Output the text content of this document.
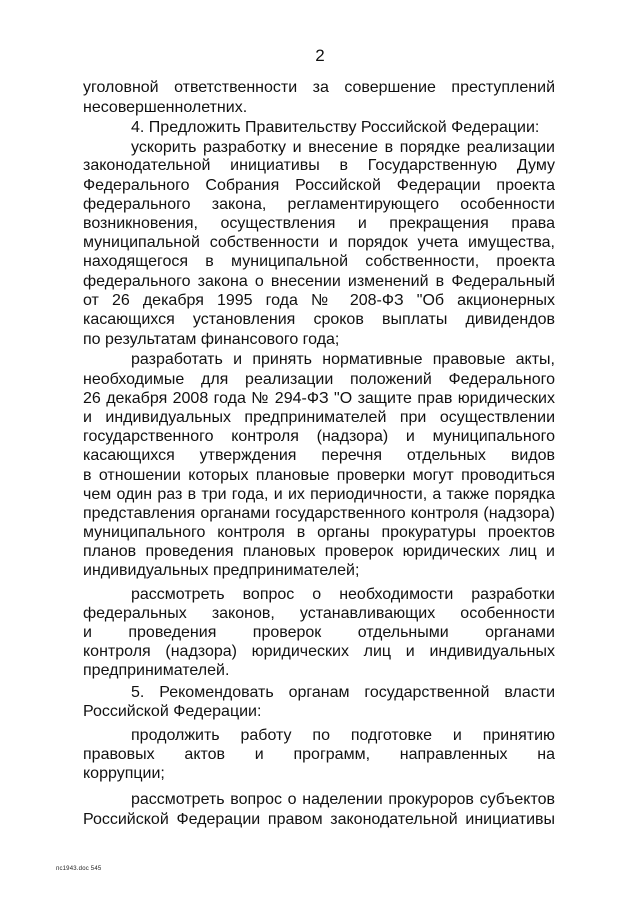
2
уголовной ответственности за совершение преступлений
несовершеннолетних.
4. Предложить Правительству Российской Федерации:
ускорить разработку и внесение в порядке реализации
законодательной инициативы в Государственную Думу
Федерального Собрания Российской Федерации проекта
федерального закона, регламентирующего особенности
возникновения, осуществления и прекращения права
муниципальной собственности и порядок учета имущества,
находящегося в муниципальной собственности, проекта
федерального закона о внесении изменений в Федеральный
от 26 декабря 1995 года № 208-ФЗ "Об акционерных
касающихся установления сроков выплаты дивидендов
по результатам финансового года;
разработать и принять нормативные правовые акты,
необходимые для реализации положений Федерального
26 декабря 2008 года № 294-ФЗ "О защите прав юридических
и индивидуальных предпринимателей при осуществлении
государственного контроля (надзора) и муниципального
касающихся утверждения перечня отдельных видов
в отношении которых плановые проверки могут проводиться
чем один раз в три года, и их периодичности, а также порядка
представления органами государственного контроля (надзора)
муниципального контроля в органы прокуратуры проектов
планов проведения плановых проверок юридических лиц и
индивидуальных предпринимателей;
рассмотреть вопрос о необходимости разработки
федеральных законов, устанавливающих особенности
и проведения проверок отдельными органами
контроля (надзора) юридических лиц и индивидуальных
предпринимателей.
5. Рекомендовать органам государственной власти
Российской Федерации:
продолжить работу по подготовке и принятию
правовых актов и программ, направленных на
коррупции;
рассмотреть вопрос о наделении прокуроров субъектов
Российской Федерации правом законодательной инициативы
пс1943.doc 545
